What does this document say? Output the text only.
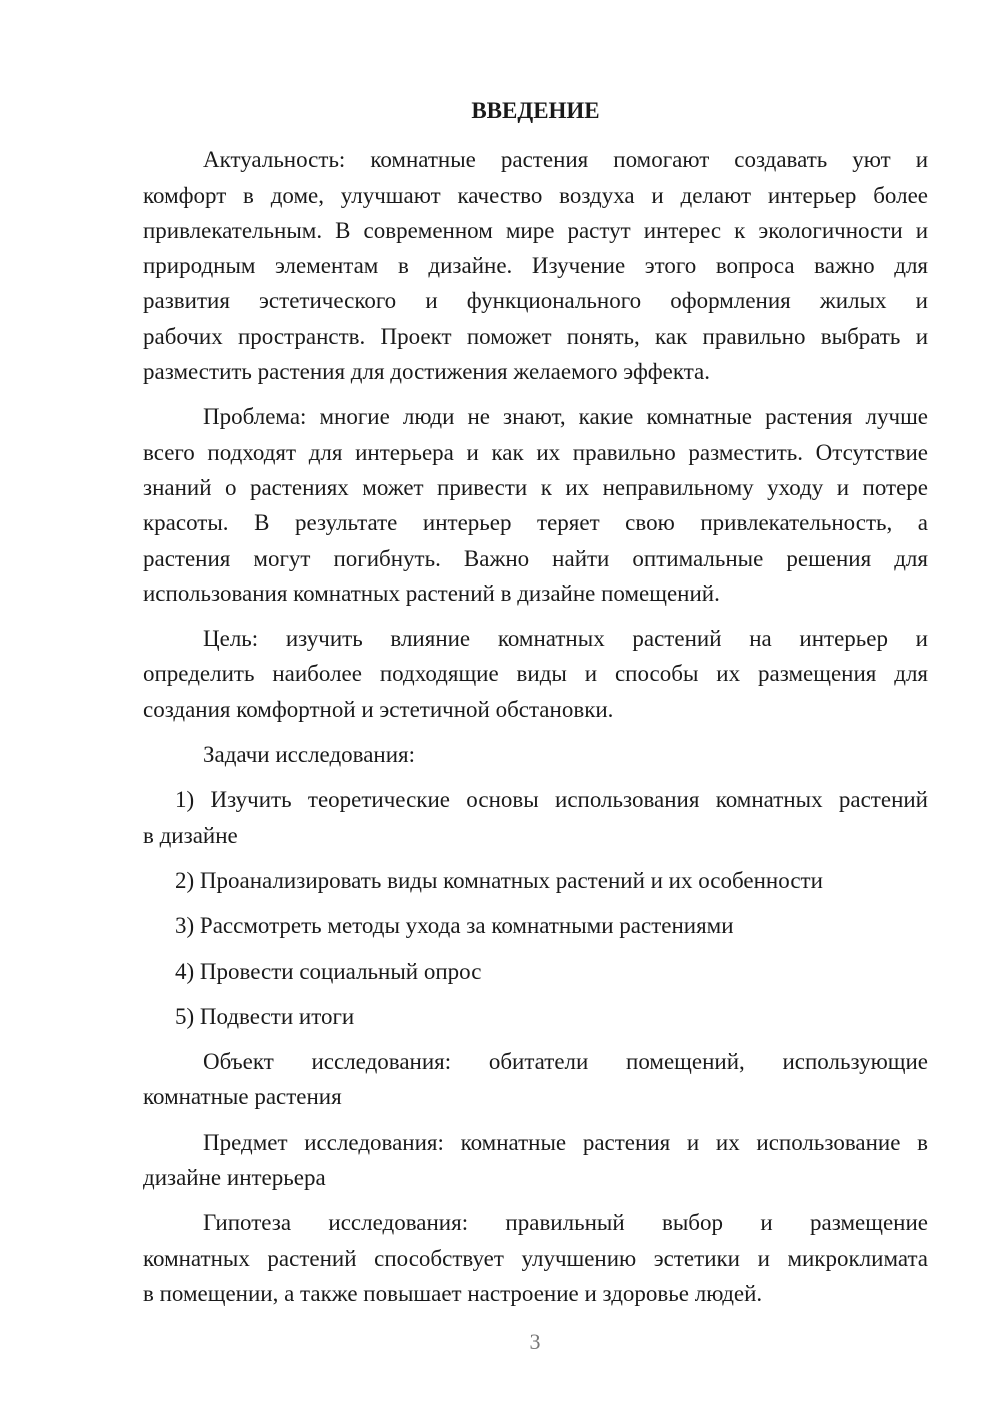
ВВЕДЕНИЕ
Актуальность: комнатные растения помогают создавать уют и
комфорт в доме, улучшают качество воздуха и делают интерьер более
привлекательным. В современном мире растут интерес к экологичности и
природным элементам в дизайне. Изучение этого вопроса важно для
развития эстетического и функционального оформления жилых и
рабочих пространств. Проект поможет понять, как правильно выбрать и
разместить растения для достижения желаемого эффекта.
Проблема: многие люди не знают, какие комнатные растения лучше
всего подходят для интерьера и как их правильно разместить. Отсутствие
знаний о растениях может привести к их неправильному уходу и потере
красоты. В результате интерьер теряет свою привлекательность, а
растения могут погибнуть. Важно найти оптимальные решения для
использования комнатных растений в дизайне помещений.
Цель: изучить влияние комнатных растений на интерьер и
определить наиболее подходящие виды и способы их размещения для
создания комфортной и эстетичной обстановки.
Задачи исследования:
1) Изучить теоретические основы использования комнатных растений
в дизайне
2) Проанализировать виды комнатных растений и их особенности
3) Рассмотреть методы ухода за комнатными растениями
4) Провести социальный опрос
5) Подвести итоги
Объект исследования: обитатели помещений, использующие
комнатные растения
Предмет исследования: комнатные растения и их использование в
дизайне интерьера
Гипотеза исследования: правильный выбор и размещение
комнатных растений способствует улучшению эстетики и микроклимата
в помещении, а также повышает настроение и здоровье людей.
3
